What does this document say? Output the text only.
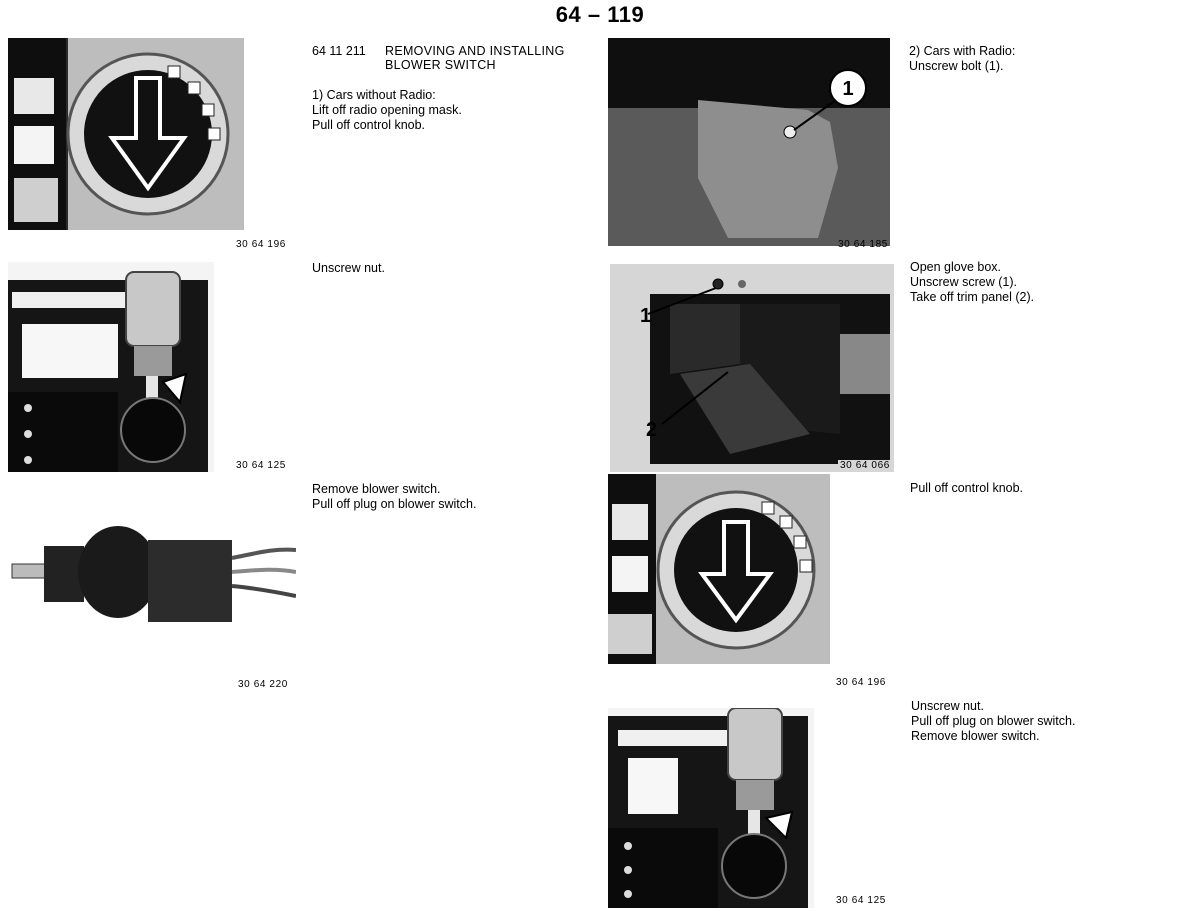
64 – 119
30 64 196
30 64 125
30 64 220
64 11 211 REMOVING AND INSTALLING
BLOWER SWITCH
1) Cars without Radio:
Lift off radio opening mask.
Pull off control knob.
Unscrew nut.
Remove blower switch.
Pull off plug on blower switch.
1
30 64 185
1
2
30 64 066
30 64 196
30 64 125
2) Cars with Radio:
Unscrew bolt (1).
Open glove box.
Unscrew screw (1).
Take off trim panel (2).
Pull off control knob.
Unscrew nut.
Pull off plug on blower switch.
Remove blower switch.
